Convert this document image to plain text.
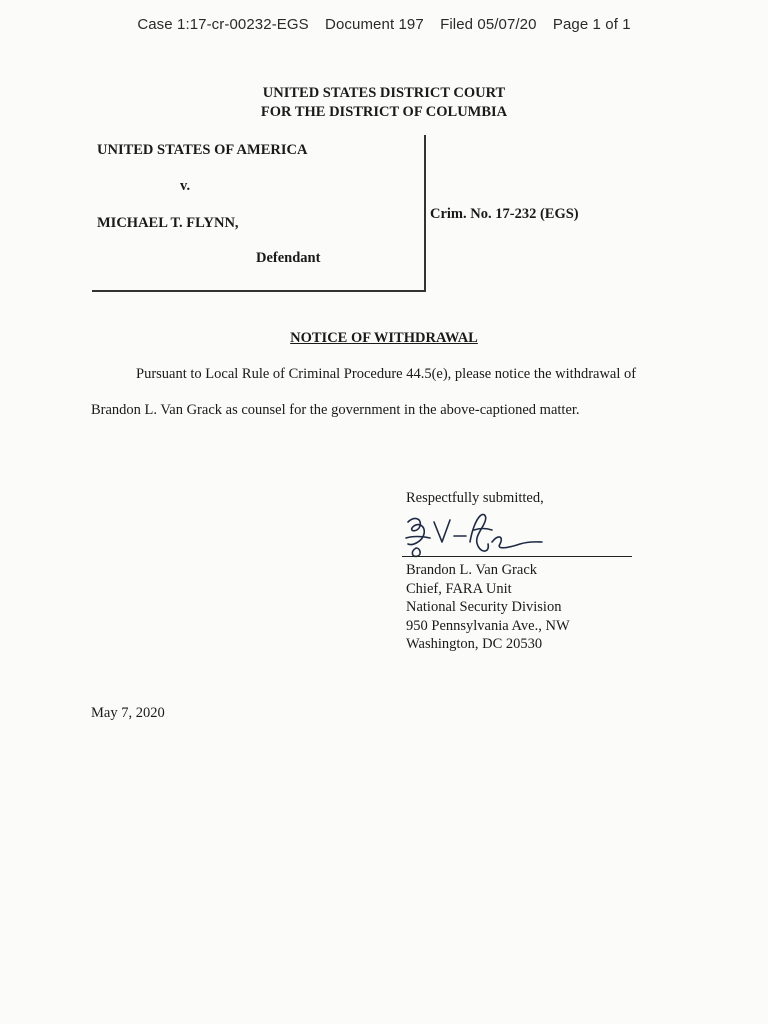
Case 1:17-cr-00232-EGS Document 197 Filed 05/07/20 Page 1 of 1
UNITED STATES DISTRICT COURT
FOR THE DISTRICT OF COLUMBIA
UNITED STATES OF AMERICA
v.
MICHAEL T. FLYNN,
Defendant
Crim. No. 17-232 (EGS)
NOTICE OF WITHDRAWAL
Pursuant to Local Rule of Criminal Procedure 44.5(e), please notice the withdrawal of
Brandon L. Van Grack as counsel for the government in the above-captioned matter.
Respectfully submitted,
Brandon L. Van Grack
Chief, FARA Unit
National Security Division
950 Pennsylvania Ave., NW
Washington, DC 20530
May 7, 2020
